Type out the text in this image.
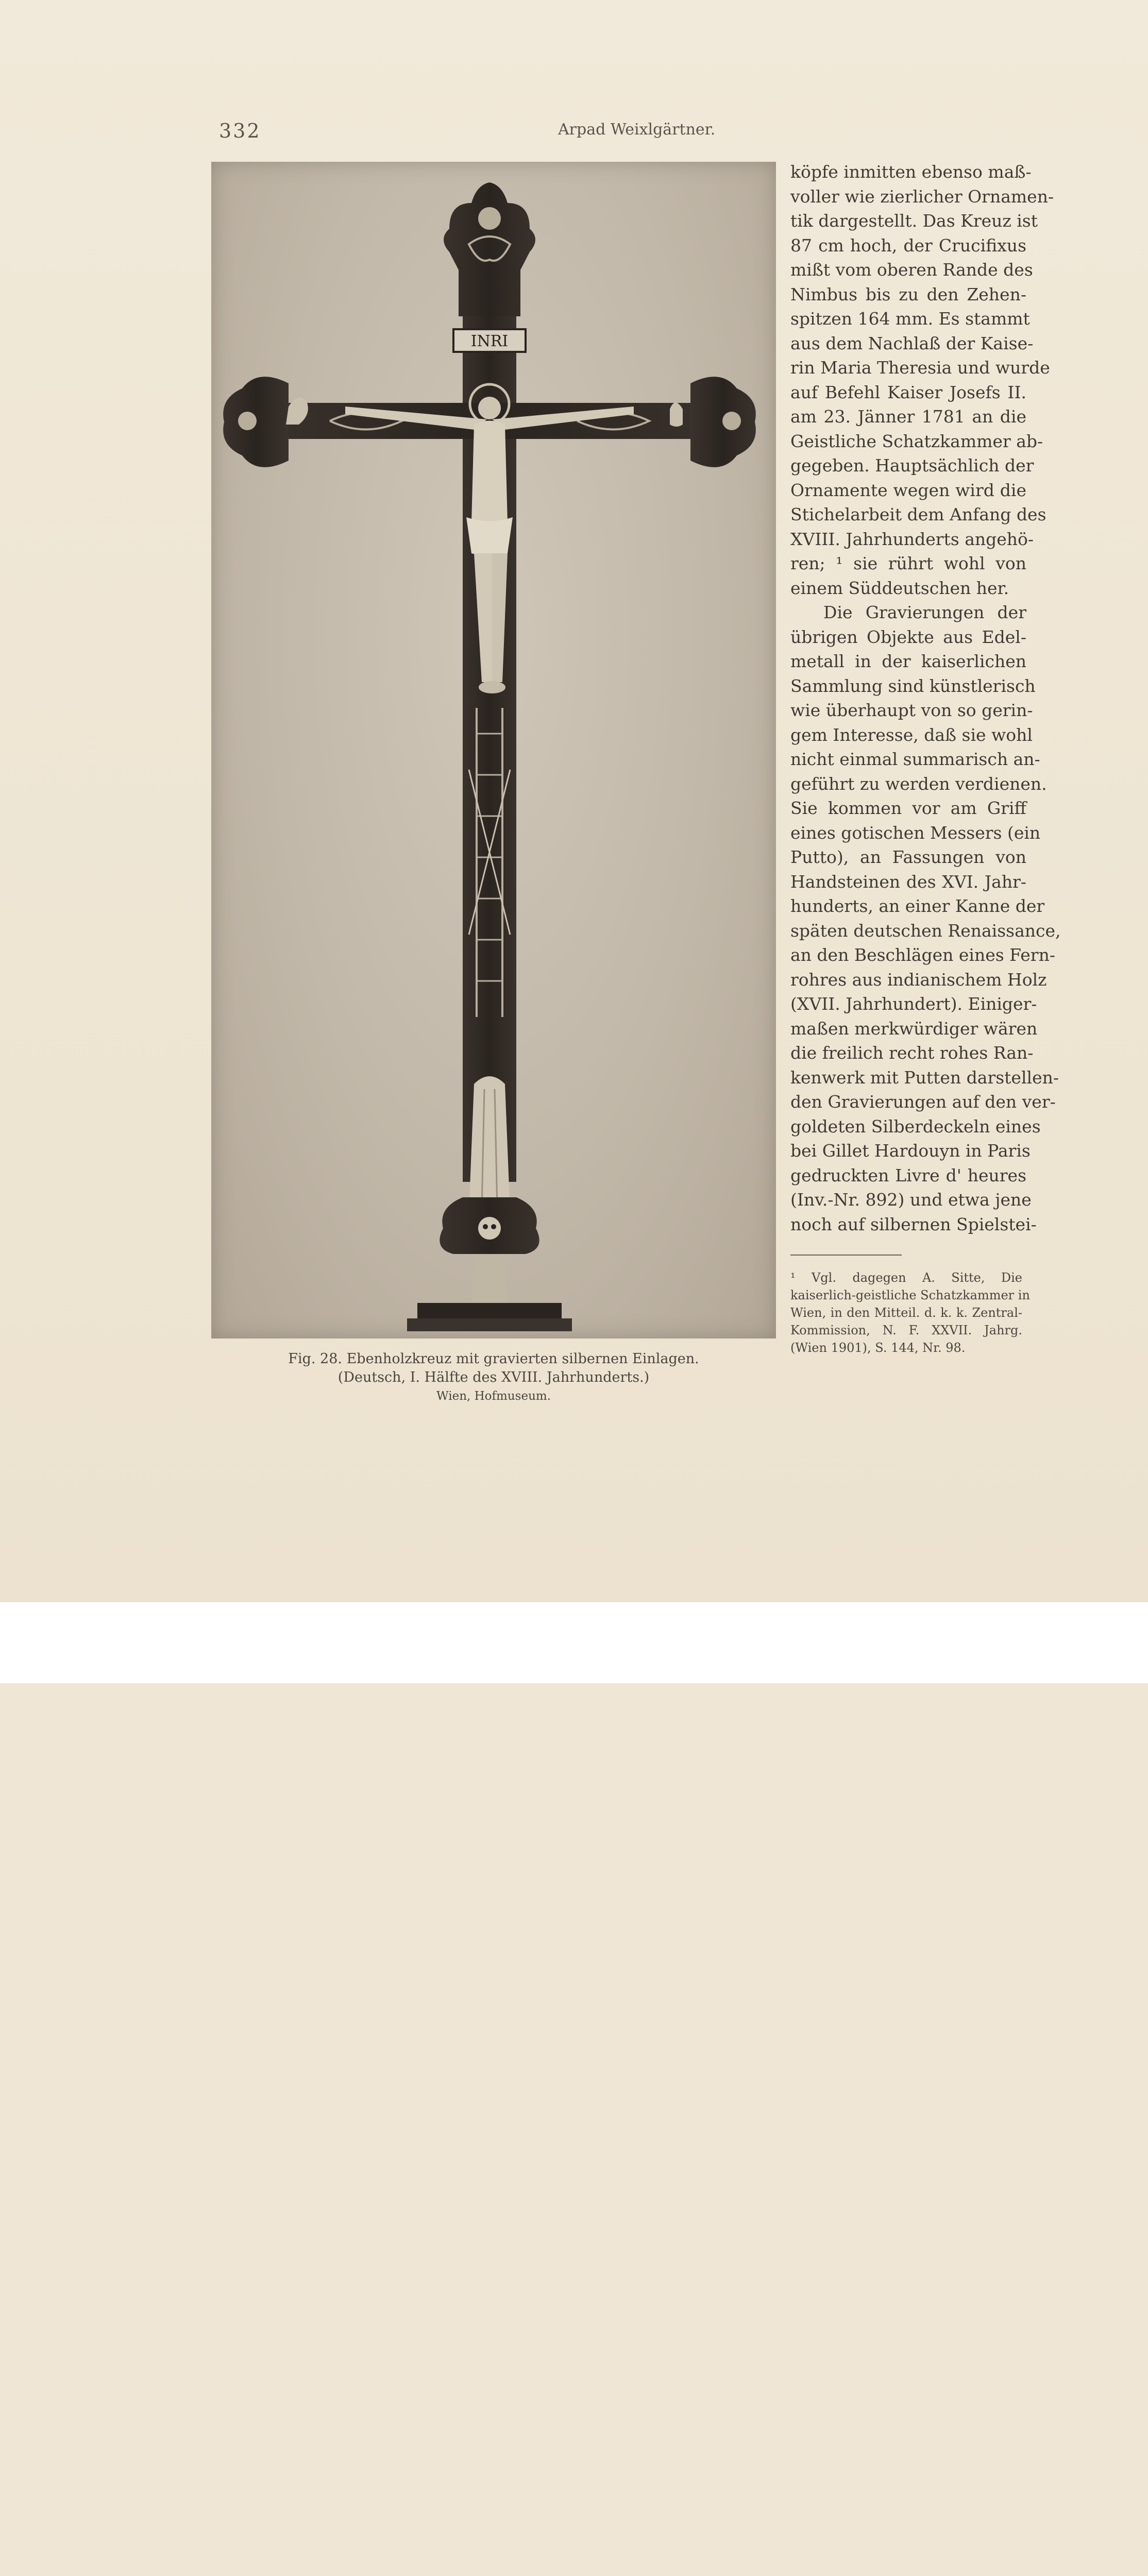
332	Arpad Weixlgärtner.
INRI
köpfe inmitten ebenso maß-
voller wie zierlicher Ornamen-
tik dargestellt. Das Kreuz ist
87 cm hoch, der Crucifixus
mißt vom oberen Rande des
Nimbus bis zu den Zehen-
spitzen 164 mm. Es stammt
aus dem Nachlaß der Kaise-
rin Maria Theresia und wurde
auf Befehl Kaiser Josefs II.
am 23. Jänner 1781 an die
Geistliche Schatzkammer ab-
gegeben. Hauptsächlich der
Ornamente wegen wird die
Stichelarbeit dem Anfang des
XVIII. Jahrhunderts angehö-
ren; ¹ sie rührt wohl von
einem Süddeutschen her.
Die Gravierungen der
übrigen Objekte aus Edel-
metall in der kaiserlichen
Sammlung sind künstlerisch
wie überhaupt von so gerin-
gem Interesse, daß sie wohl
nicht einmal summarisch an-
geführt zu werden verdienen.
Sie kommen vor am Griff
eines gotischen Messers (ein
Putto), an Fassungen von
Handsteinen des XVI. Jahr-
hunderts, an einer Kanne der
späten deutschen Renaissance,
an den Beschlägen eines Fern-
rohres aus indianischem Holz
(XVII. Jahrhundert). Einiger-
maßen merkwürdiger wären
die freilich recht rohes Ran-
kenwerk mit Putten darstellen-
den Gravierungen auf den ver-
goldeten Silberdeckeln eines
bei Gillet Hardouyn in Paris
gedruckten Livre d' heures
(Inv.-Nr. 892) und etwa jene
noch auf silbernen Spielstei-
¹ Vgl. dagegen A. Sitte, Die
kaiserlich-geistliche Schatzkammer in
Wien, in den Mitteil. d. k. k. Zentral-
Kommission, N. F. XXVII. Jahrg.
(Wien 1901), S. 144, Nr. 98.
Fig. 28. Ebenholzkreuz mit gravierten silbernen Einlagen.
(Deutsch, I. Hälfte des XVIII. Jahrhunderts.)
Wien, Hofmuseum.
